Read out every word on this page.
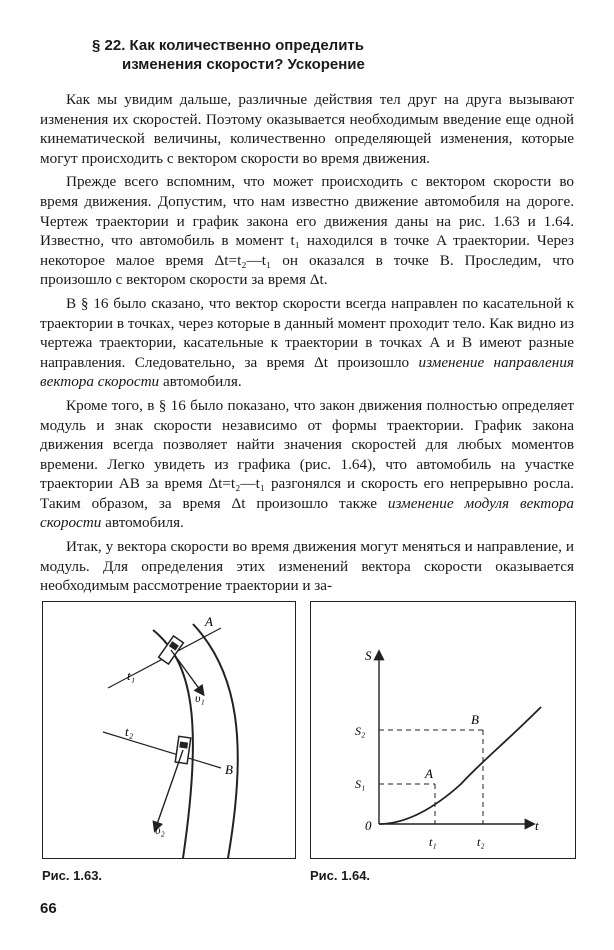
§ 22. Как количественно определить
изменения скорости? Ускорение

Как мы увидим дальше, различные действия тел друг на друга вызывают изменения их скоростей. Поэтому оказывается необходимым введение еще одной кинематической величины, количественно определяющей изменения, которые могут происходить с вектором скорости во время движения.

Прежде всего вспомним, что может происходить с вектором скорости во время движения. Допустим, что нам известно движение автомобиля на дороге. Чертеж траектории и график закона его движения даны на рис. 1.63 и 1.64. Известно, что автомобиль в момент t₁ находился в точке A траектории. Через некоторое малое время Δt=t₂—t₁ он оказался в точке B. Проследим, что произошло с вектором скорости за время Δt.

В § 16 было сказано, что вектор скорости всегда направлен по касательной к траектории в точках, через которые в данный момент проходит тело. Как видно из чертежа траектории, касательные к траектории в точках A и B имеют разные направления. Следовательно, за время Δt произошло изменение направления вектора скорости автомобиля.

Кроме того, в § 16 было показано, что закон движения полностью определяет модуль и знак скорости независимо от формы траектории. График закона движения всегда позволяет найти значения скоростей для любых моментов времени. Легко увидеть из графика (рис. 1.64), что автомобиль на участке траектории AB за время Δt=t₂—t₁ разгонялся и скорость его непрерывно росла. Таким образом, за время Δt произошло также изменение модуля вектора скорости автомобиля.

Итак, у вектора скорости во время движения могут меняться и направление, и модуль. Для определения этих изменений вектора скорости оказывается необходимым рассмотрение траектории и за-

A
B
t₁
t₂
υ₁
υ₂
S
t
0
S₁
S₂
t₁	t₂
A
B
Рис. 1.63.	Рис. 1.64.
66
